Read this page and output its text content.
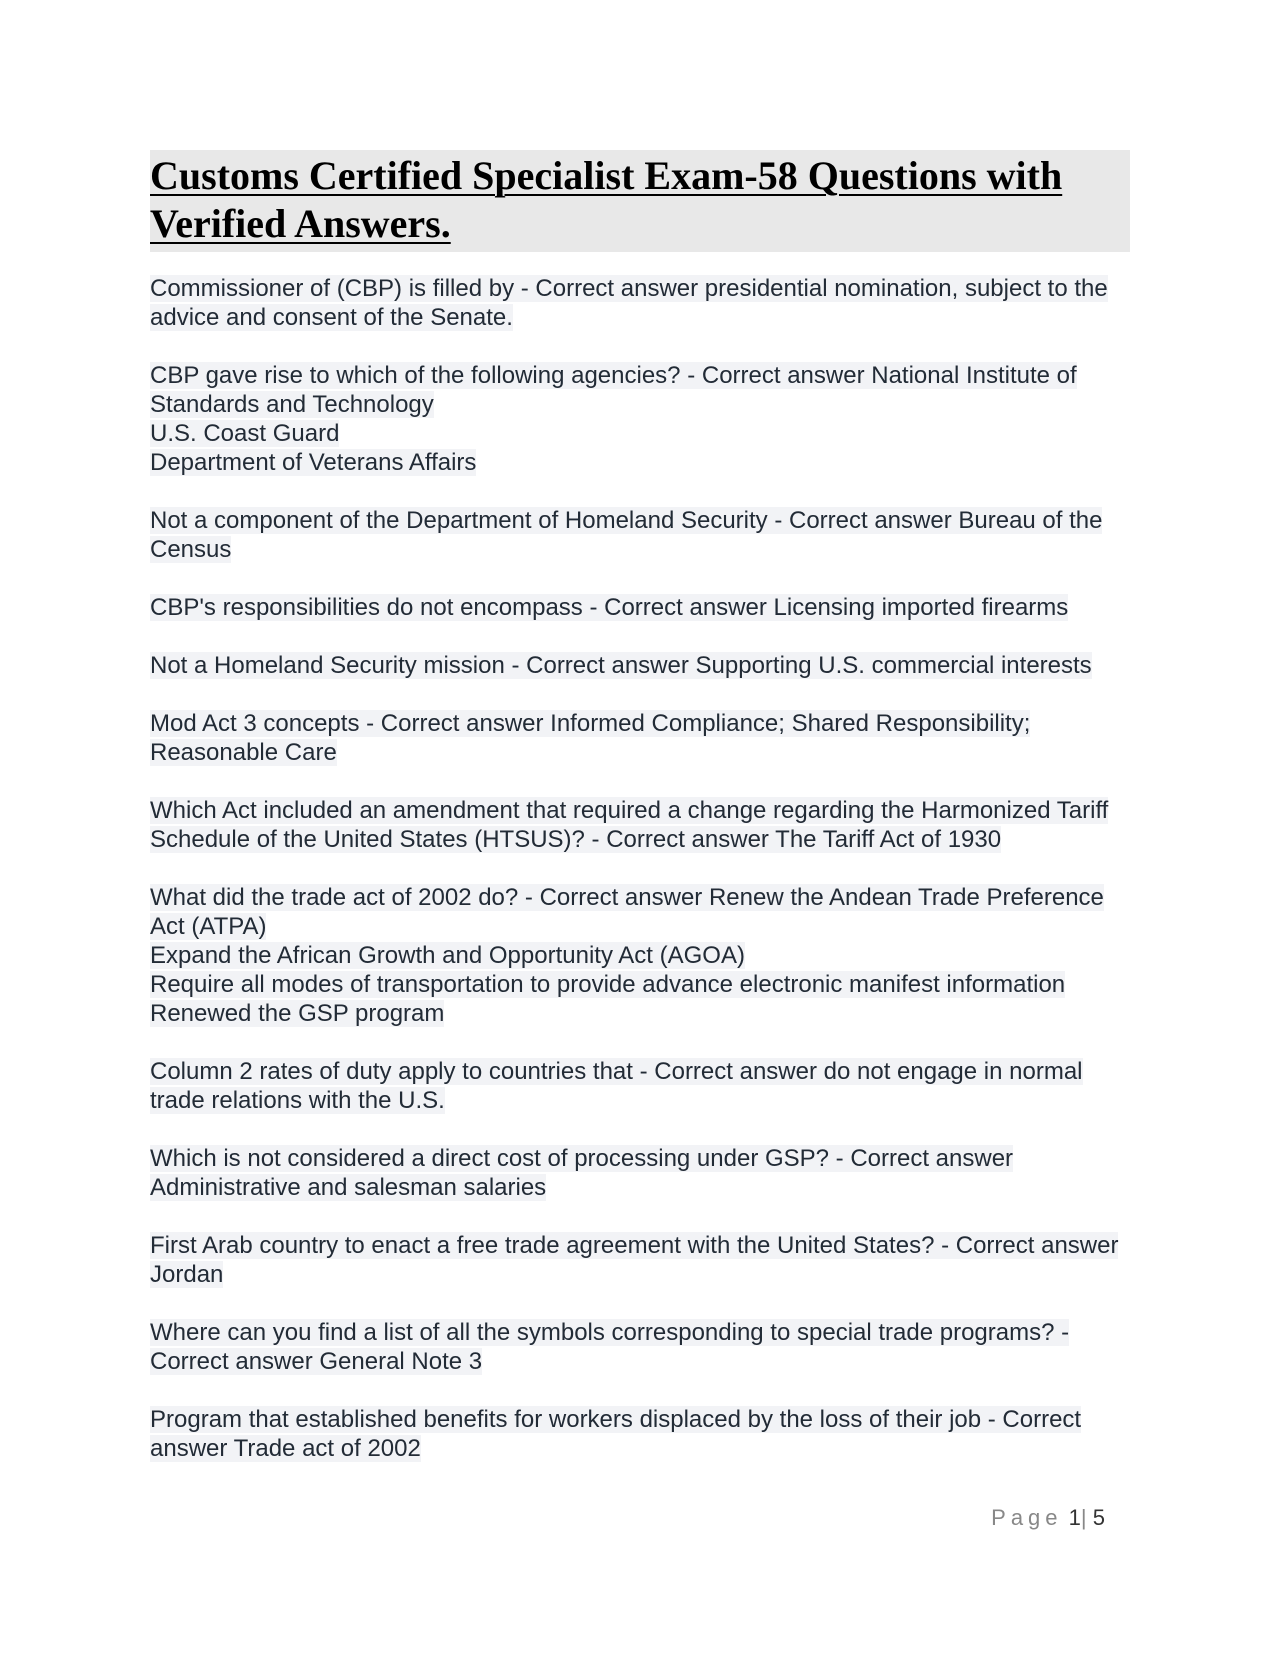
Customs Certified Specialist Exam-58 Questions with Verified Answers.

Commissioner of (CBP) is filled by - Correct answer presidential nomination, subject to the advice and consent of the Senate.

CBP gave rise to which of the following agencies? - Correct answer National Institute of Standards and Technology
U.S. Coast Guard
Department of Veterans Affairs

Not a component of the Department of Homeland Security - Correct answer Bureau of the Census

CBP's responsibilities do not encompass - Correct answer Licensing imported firearms

Not a Homeland Security mission - Correct answer Supporting U.S. commercial interests

Mod Act 3 concepts - Correct answer Informed Compliance; Shared Responsibility; Reasonable Care

Which Act included an amendment that required a change regarding the Harmonized Tariff Schedule of the United States (HTSUS)? - Correct answer The Tariff Act of 1930

What did the trade act of 2002 do? - Correct answer Renew the Andean Trade Preference Act (ATPA)
Expand the African Growth and Opportunity Act (AGOA)
Require all modes of transportation to provide advance electronic manifest information
Renewed the GSP program

Column 2 rates of duty apply to countries that - Correct answer do not engage in normal trade relations with the U.S.

Which is not considered a direct cost of processing under GSP? - Correct answer Administrative and salesman salaries

First Arab country to enact a free trade agreement with the United States? - Correct answer Jordan

Where can you find a list of all the symbols corresponding to special trade programs? - Correct answer General Note 3

Program that established benefits for workers displaced by the loss of their job - Correct answer Trade act of 2002

Page 1| 5
